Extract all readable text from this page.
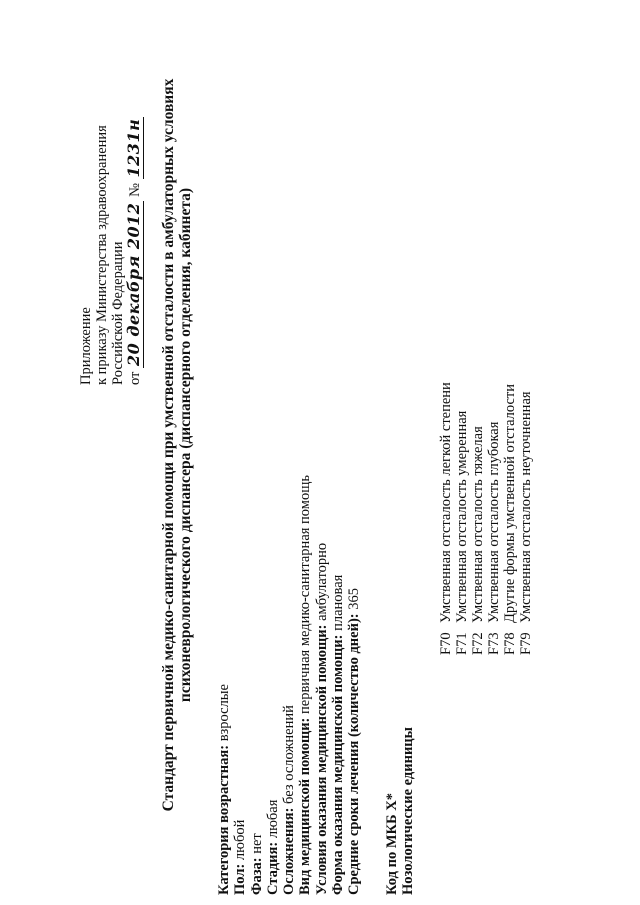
Приложение к приказу Министерства здравоохранения Российской Федерации от 20 декабря 2012 № 1231н Стандарт первичной медико-санитарной помощи при умственной отсталости в амбулаторных условиях психоневрологического диспансера (диспансерного отделения, кабинета)
Категория возрастная: взрослые
Пол: любой
Фаза: нет Стадия: любая Осложнения: без осложнений Вид медицинской помощи: первичная медико-санитарная помощь
Условия оказания медицинской помощи: амбулаторно
Форма оказания медицинской помощи: плановая
Средние сроки лечения (количество дней): 365
Код по МКБ X* Нозологические единицы
F70Умственная отсталость легкой степени
F71Умственная отсталость умеренная
F72Умственная отсталость тяжелая
F73Умственная отсталость глубокая
F78Другие формы умственной отсталости
F79Умственная отсталость неуточненная
